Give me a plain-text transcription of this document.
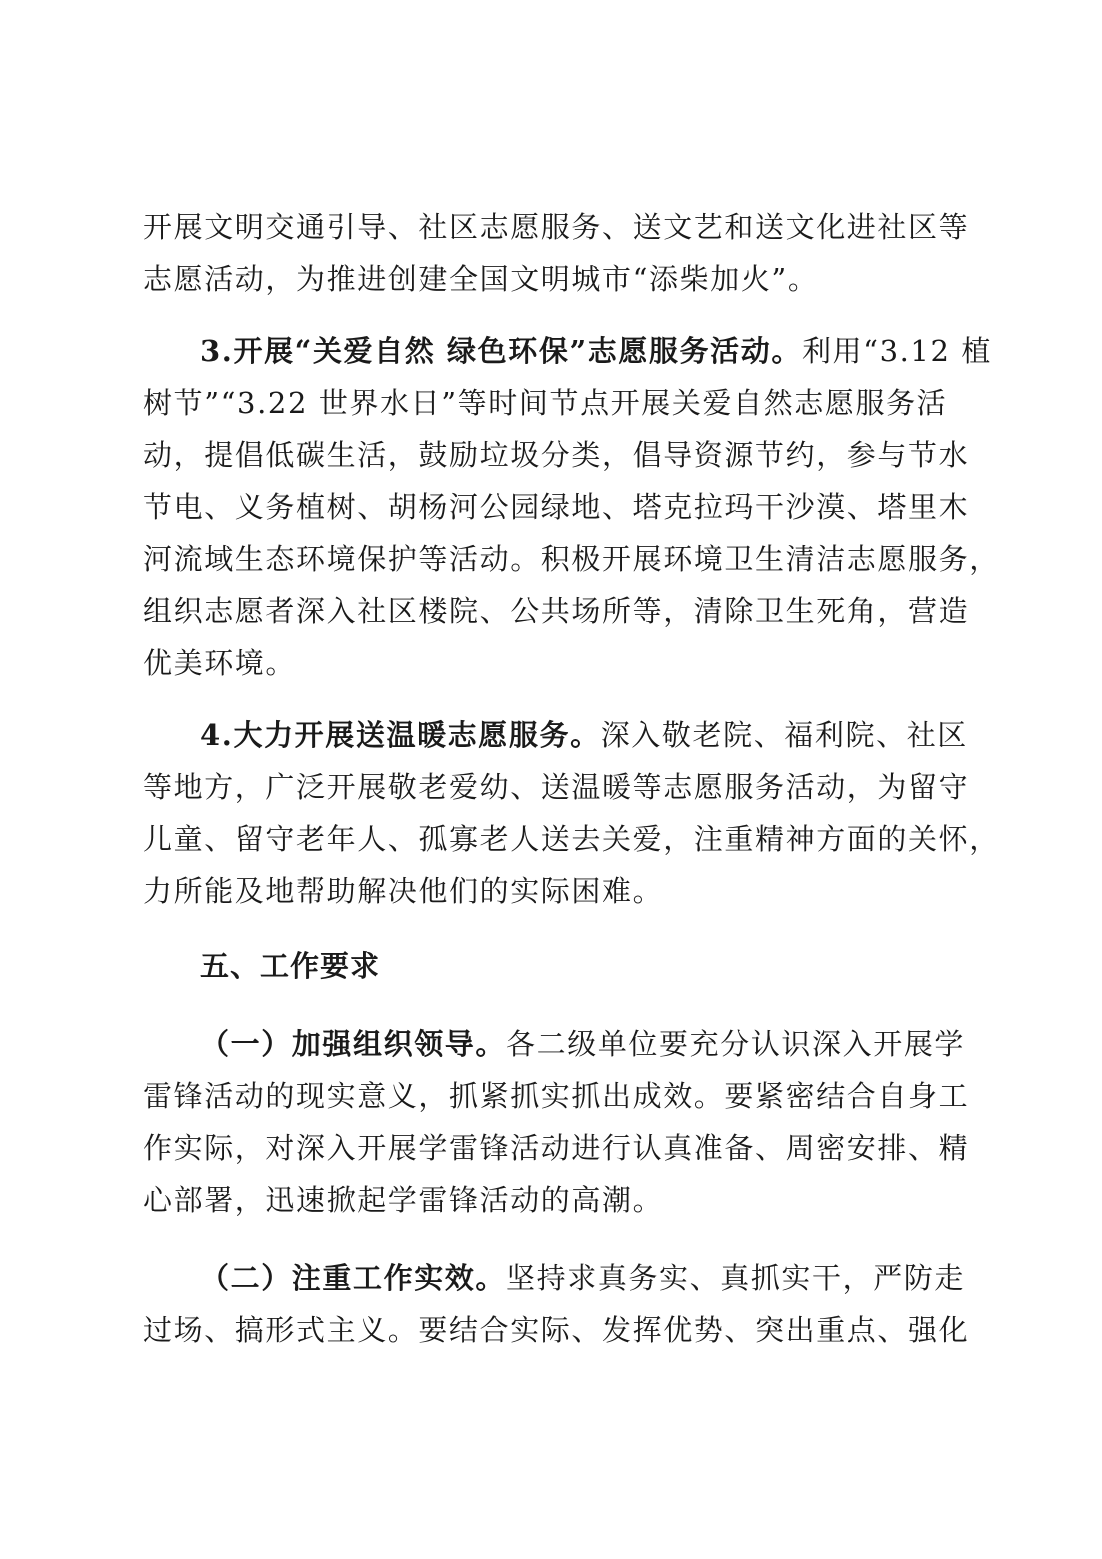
开展文明交通引导、社区志愿服务、送文艺和送文化进社区等
志愿活动，为推进创建全国文明城市“添柴加火”。
3.开展“关爱自然 绿色环保”志愿服务活动。利用“3.12 植
树节”“3.22 世界水日”等时间节点开展关爱自然志愿服务活
动，提倡低碳生活，鼓励垃圾分类，倡导资源节约，参与节水
节电、义务植树、胡杨河公园绿地、塔克拉玛干沙漠、塔里木
河流域生态环境保护等活动。积极开展环境卫生清洁志愿服务，
组织志愿者深入社区楼院、公共场所等，清除卫生死角，营造
优美环境。
4.大力开展送温暖志愿服务。深入敬老院、福利院、社区
等地方，广泛开展敬老爱幼、送温暖等志愿服务活动，为留守
儿童、留守老年人、孤寡老人送去关爱，注重精神方面的关怀，
力所能及地帮助解决他们的实际困难。
五、工作要求
（一）加强组织领导。各二级单位要充分认识深入开展学
雷锋活动的现实意义，抓紧抓实抓出成效。要紧密结合自身工
作实际，对深入开展学雷锋活动进行认真准备、周密安排、精
心部署，迅速掀起学雷锋活动的高潮。
（二）注重工作实效。坚持求真务实、真抓实干，严防走
过场、搞形式主义。要结合实际、发挥优势、突出重点、强化
